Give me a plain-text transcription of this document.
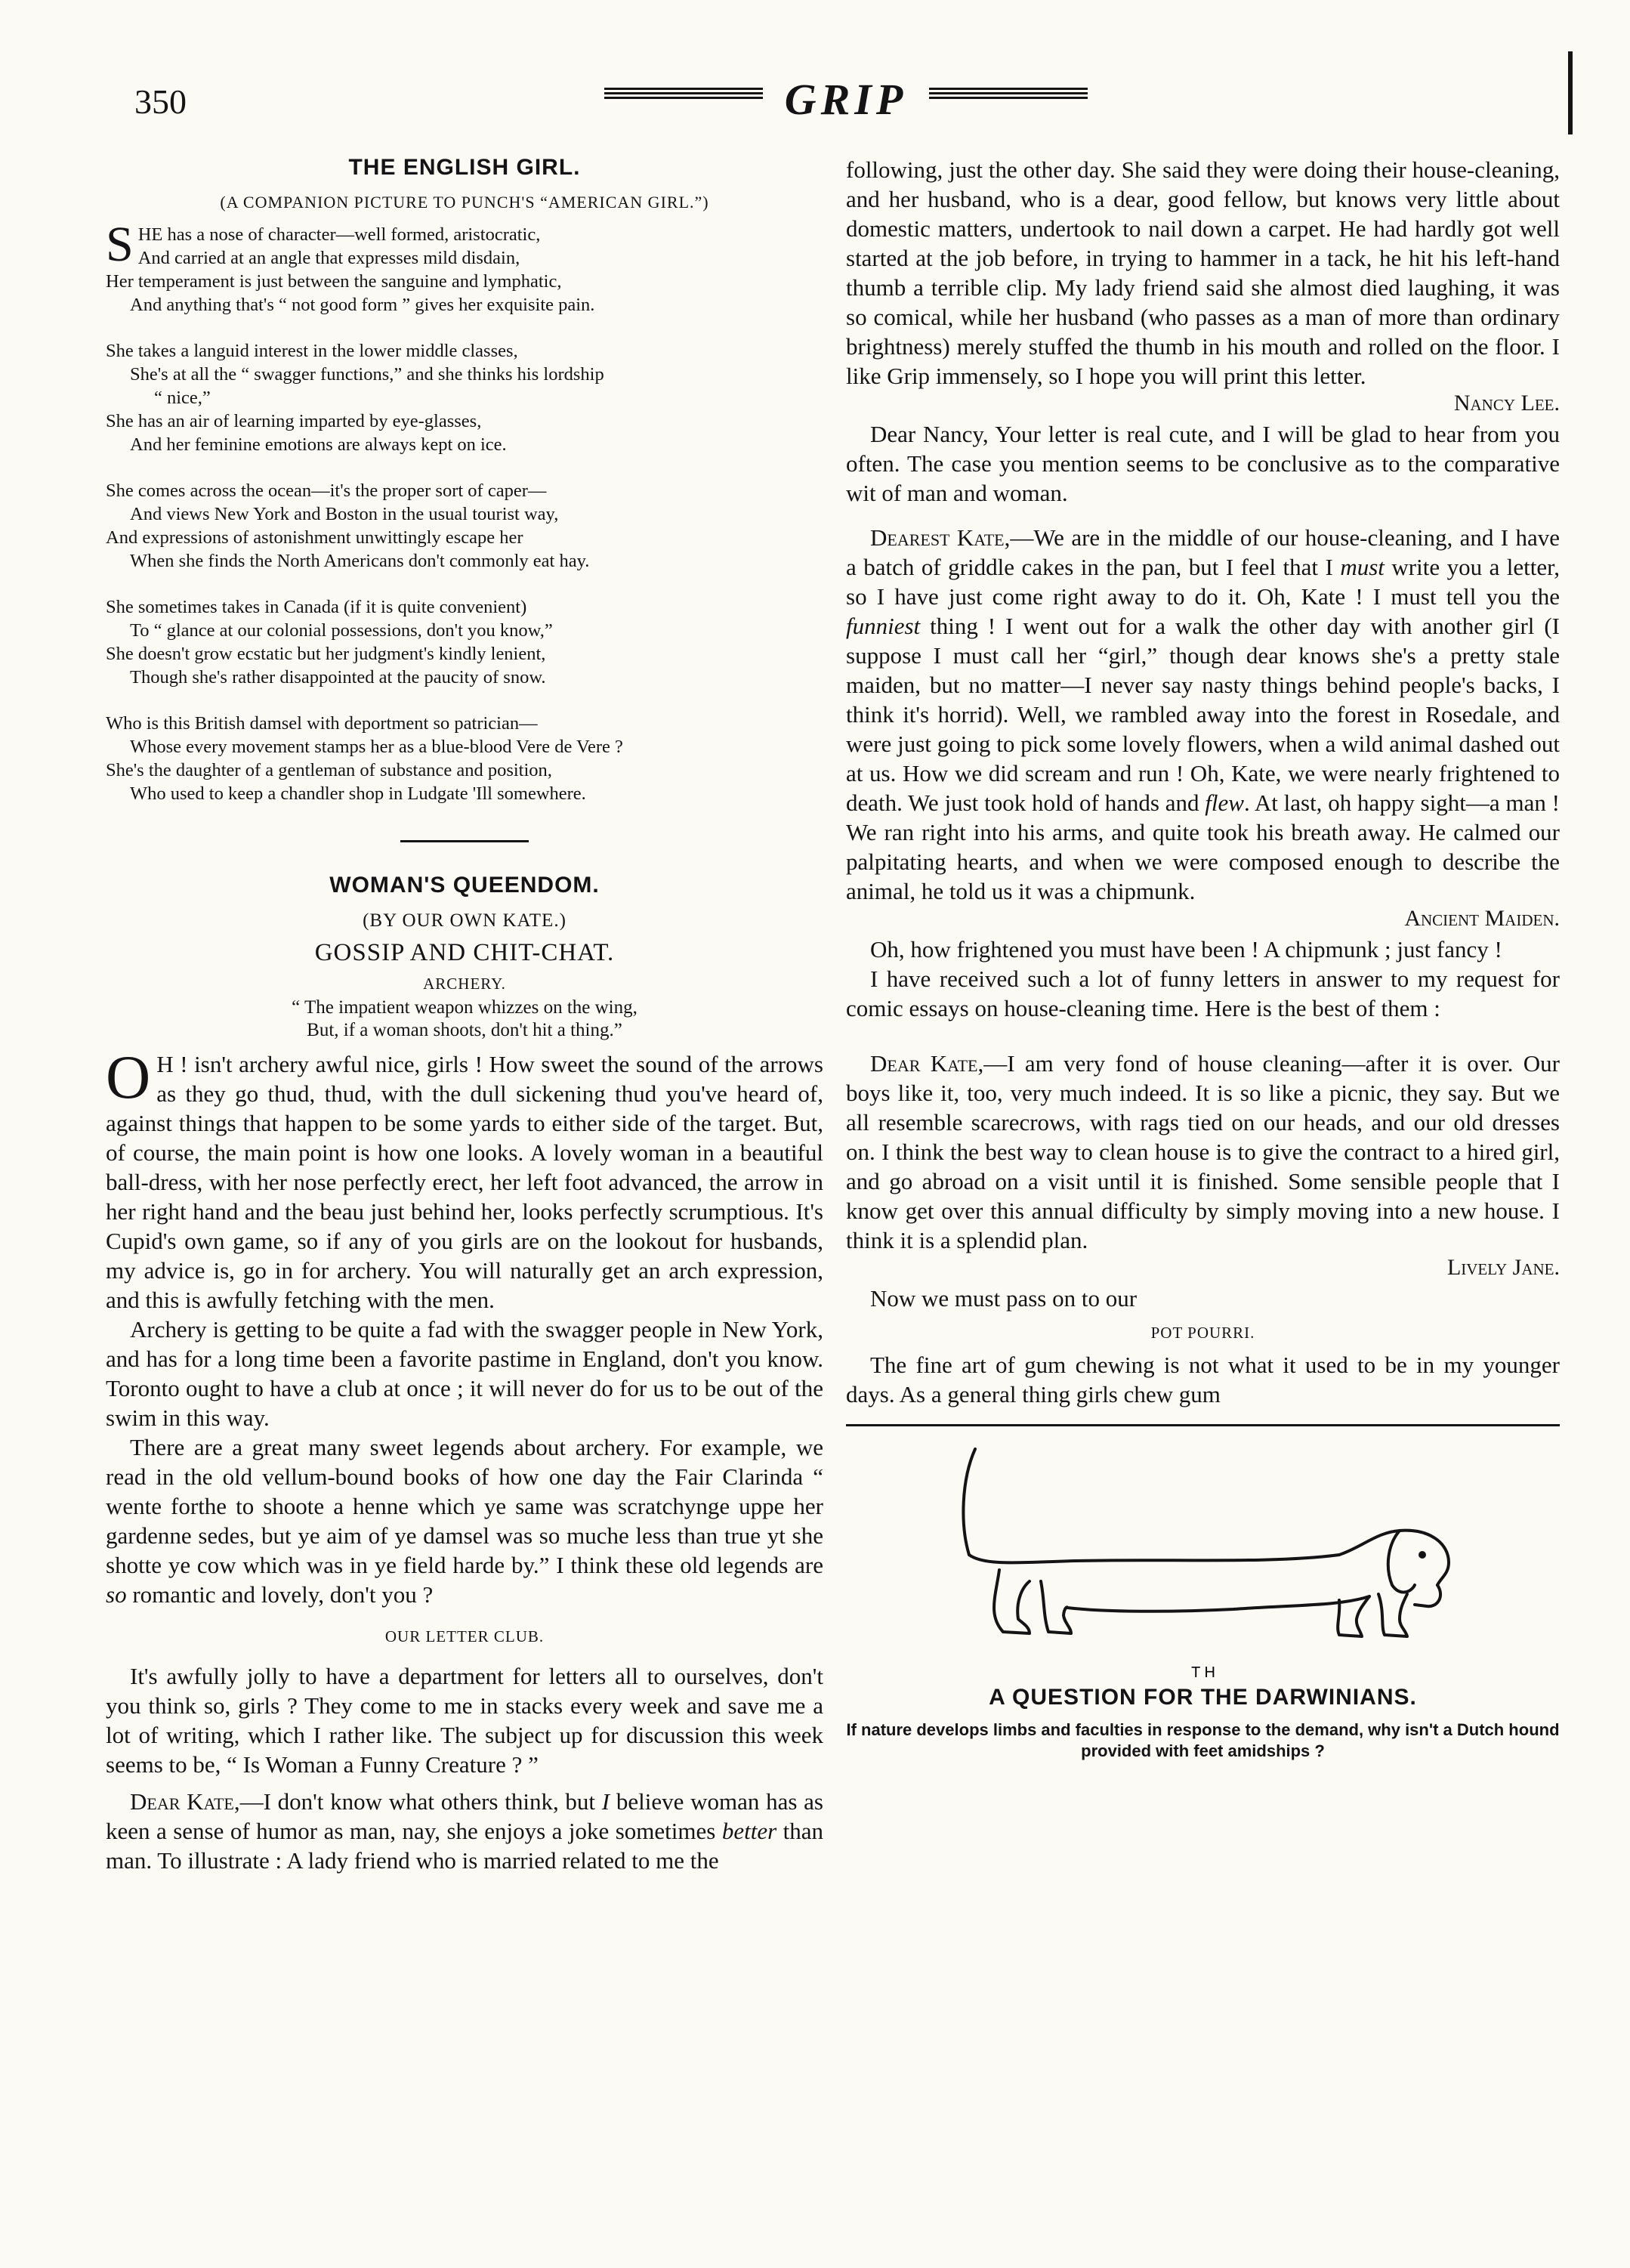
350	GRIP
THE ENGLISH GIRL.
(A COMPANION PICTURE TO PUNCH'S “AMERICAN GIRL.”)
S HE has a nose of character—well formed, aristocratic,
And carried at an angle that expresses mild disdain,
Her temperament is just between the sanguine and lymphatic,
And anything that's “ not good form ” gives her exquisite pain.
She takes a languid interest in the lower middle classes,
She's at all the “ swagger functions,” and she thinks his lordship
“ nice,”
She has an air of learning imparted by eye-glasses,
And her feminine emotions are always kept on ice.
She comes across the ocean—it's the proper sort of caper—
And views New York and Boston in the usual tourist way,
And expressions of astonishment unwittingly escape her
When she finds the North Americans don't commonly eat hay.
She sometimes takes in Canada (if it is quite convenient)
To “ glance at our colonial possessions, don't you know,”
She doesn't grow ecstatic but her judgment's kindly lenient,
Though she's rather disappointed at the paucity of snow.
Who is this British damsel with deportment so patrician—
Whose every movement stamps her as a blue-blood Vere de Vere ?
She's the daughter of a gentleman of substance and position,
Who used to keep a chandler shop in Ludgate 'Ill somewhere.
WOMAN'S QUEENDOM.
(BY OUR OWN KATE.)
GOSSIP AND CHIT-CHAT.
ARCHERY.
“ The impatient weapon whizzes on the wing,
But, if a woman shoots, don't hit a thing.”

O H ! isn't archery awful nice, girls ! How sweet the sound of the arrows as they go thud, thud, with the dull sickening thud you've heard of, against things that happen to be some yards to either side of the target. But, of course, the main point is how one looks. A lovely woman in a beautiful ball-dress, with her nose perfectly erect, her left foot advanced, the arrow in her right hand and the beau just behind her, looks perfectly scrumptious. It's Cupid's own game, so if any of you girls are on the lookout for husbands, my advice is, go in for archery. You will naturally get an arch expression, and this is awfully fetching with the men.

Archery is getting to be quite a fad with the swagger people in New York, and has for a long time been a favorite pastime in England, don't you know. Toronto ought to have a club at once ; it will never do for us to be out of the swim in this way.

There are a great many sweet legends about archery. For example, we read in the old vellum-bound books of how one day the Fair Clarinda “ wente forthe to shoote a henne which ye same was scratchynge uppe her gardenne sedes, but ye aim of ye damsel was so muche less than true yt she shotte ye cow which was in ye field harde by.” I think these old legends are so romantic and lovely, don't you ?

OUR LETTER CLUB.

It's awfully jolly to have a department for letters all to ourselves, don't you think so, girls ? They come to me in stacks every week and save me a lot of writing, which I rather like. The subject up for discussion this week seems to be, “ Is Woman a Funny Creature ? ”

Dear Kate,—I don't know what others think, but I believe woman has as keen a sense of humor as man, nay, she enjoys a joke sometimes better than man. To illustrate : A lady friend who is married related to me the

following, just the other day. She said they were doing their house-cleaning, and her husband, who is a dear, good fellow, but knows very little about domestic matters, undertook to nail down a carpet. He had hardly got well started at the job before, in trying to hammer in a tack, he hit his left-hand thumb a terrible clip. My lady friend said she almost died laughing, it was so comical, while her husband (who passes as a man of more than ordinary brightness) merely stuffed the thumb in his mouth and rolled on the floor. I like Grip immensely, so I hope you will print this letter.

Nancy Lee.

Dear Nancy, Your letter is real cute, and I will be glad to hear from you often. The case you mention seems to be conclusive as to the comparative wit of man and woman.

Dearest Kate,—We are in the middle of our house-cleaning, and I have a batch of griddle cakes in the pan, but I feel that I must write you a letter, so I have just come right away to do it. Oh, Kate ! I must tell you the funniest thing ! I went out for a walk the other day with another girl (I suppose I must call her “girl,” though dear knows she's a pretty stale maiden, but no matter—I never say nasty things behind people's backs, I think it's horrid). Well, we rambled away into the forest in Rosedale, and were just going to pick some lovely flowers, when a wild animal dashed out at us. How we did scream and run ! Oh, Kate, we were nearly frightened to death. We just took hold of hands and flew. At last, oh happy sight—a man ! We ran right into his arms, and quite took his breath away. He calmed our palpitating hearts, and when we were composed enough to describe the animal, he told us it was a chipmunk.

Ancient Maiden.

Oh, how frightened you must have been ! A chipmunk ; just fancy !

I have received such a lot of funny letters in answer to my request for comic essays on house-cleaning time. Here is the best of them :

Dear Kate,—I am very fond of house cleaning—after it is over. Our boys like it, too, very much indeed. It is so like a picnic, they say. But we all resemble scarecrows, with rags tied on our heads, and our old dresses on. I think the best way to clean house is to give the contract to a hired girl, and go abroad on a visit until it is finished. Some sensible people that I know get over this annual difficulty by simply moving into a new house. I think it is a splendid plan.

Lively Jane.

Now we must pass on to our

POT POURRI.

The fine art of gum chewing is not what it used to be in my younger days. As a general thing girls chew gum

T H
A QUESTION FOR THE DARWINIANS.

If nature develops limbs and faculties in response to the demand, why isn't a Dutch hound provided with feet amidships ?
